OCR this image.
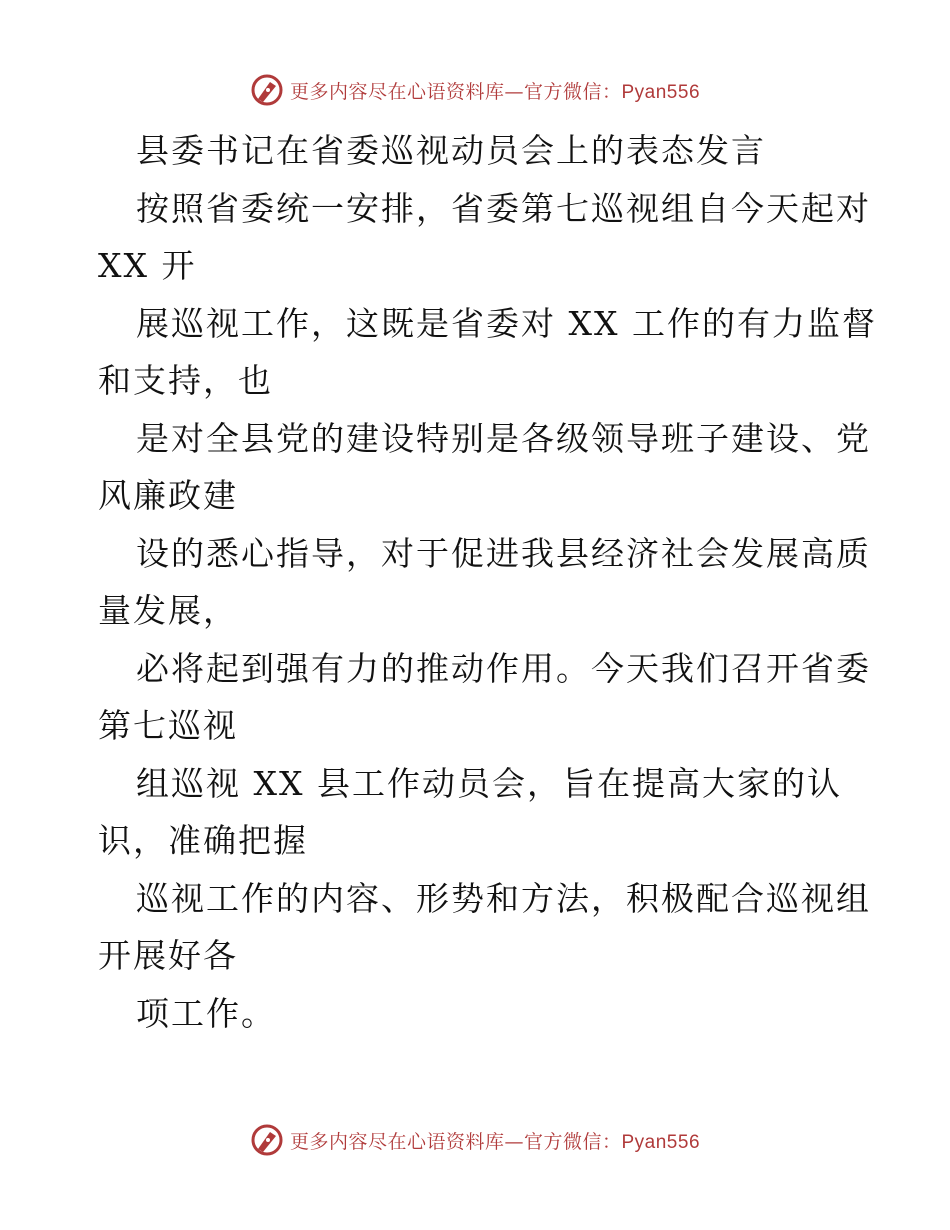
更多内容尽在心语资料库—官方微信：Pyan556
县委书记在省委巡视动员会上的表态发言
按照省委统一安排，省委第七巡视组自今天起对
XX 开
展巡视工作，这既是省委对 XX 工作的有力监督
和支持，也
是对全县党的建设特别是各级领导班子建设、党
风廉政建
设的悉心指导，对于促进我县经济社会发展高质
量发展，
必将起到强有力的推动作用。今天我们召开省委
第七巡视
组巡视 XX 县工作动员会，旨在提高大家的认
识，准确把握
巡视工作的内容、形势和方法，积极配合巡视组
开展好各
项工作。
更多内容尽在心语资料库—官方微信：Pyan556
